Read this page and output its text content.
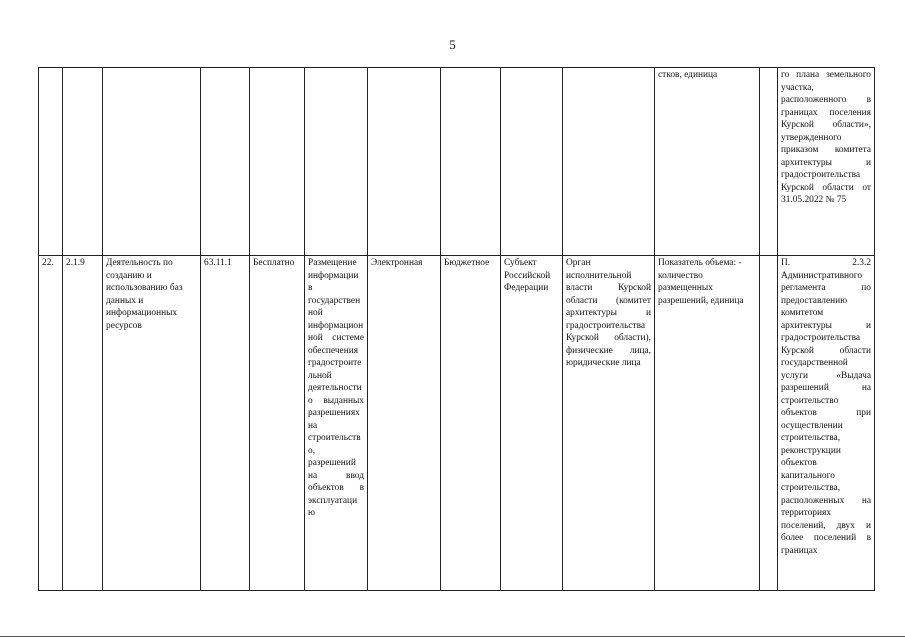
5
										стков, единица		го плана земельного участка, расположенного в границах поселения Курской области», утвержденного приказом комитета архитектуры и градостроительства Курской области от 31.05.2022 № 75
22.	2.1.9	Деятельность по созданию и использованию баз данных и информационных ресурсов	63.11.1	Бесплатно	Размещение информации в государственной информационной системе обеспечения градостроительной деятельности о выданных разрешениях на строительство, разрешений на ввод объектов в эксплуатацию	Электронная	Бюджетное	Субъект Российской Федерации	Орган исполнительной власти Курской области (комитет архитектуры и градостроительства Курской области), физические лица, юридические лица	Показатель объема: - количество размещенных разрешений, единица		П. 2.3.2 Административного регламента по предоставлению комитетом архитектуры и градостроительства Курской области государственной услуги «Выдача разрешений на строительство объектов при осуществлении строительства, реконструкции объектов капитального строительства, расположенных на территориях поселений, двух и более поселений в границах
